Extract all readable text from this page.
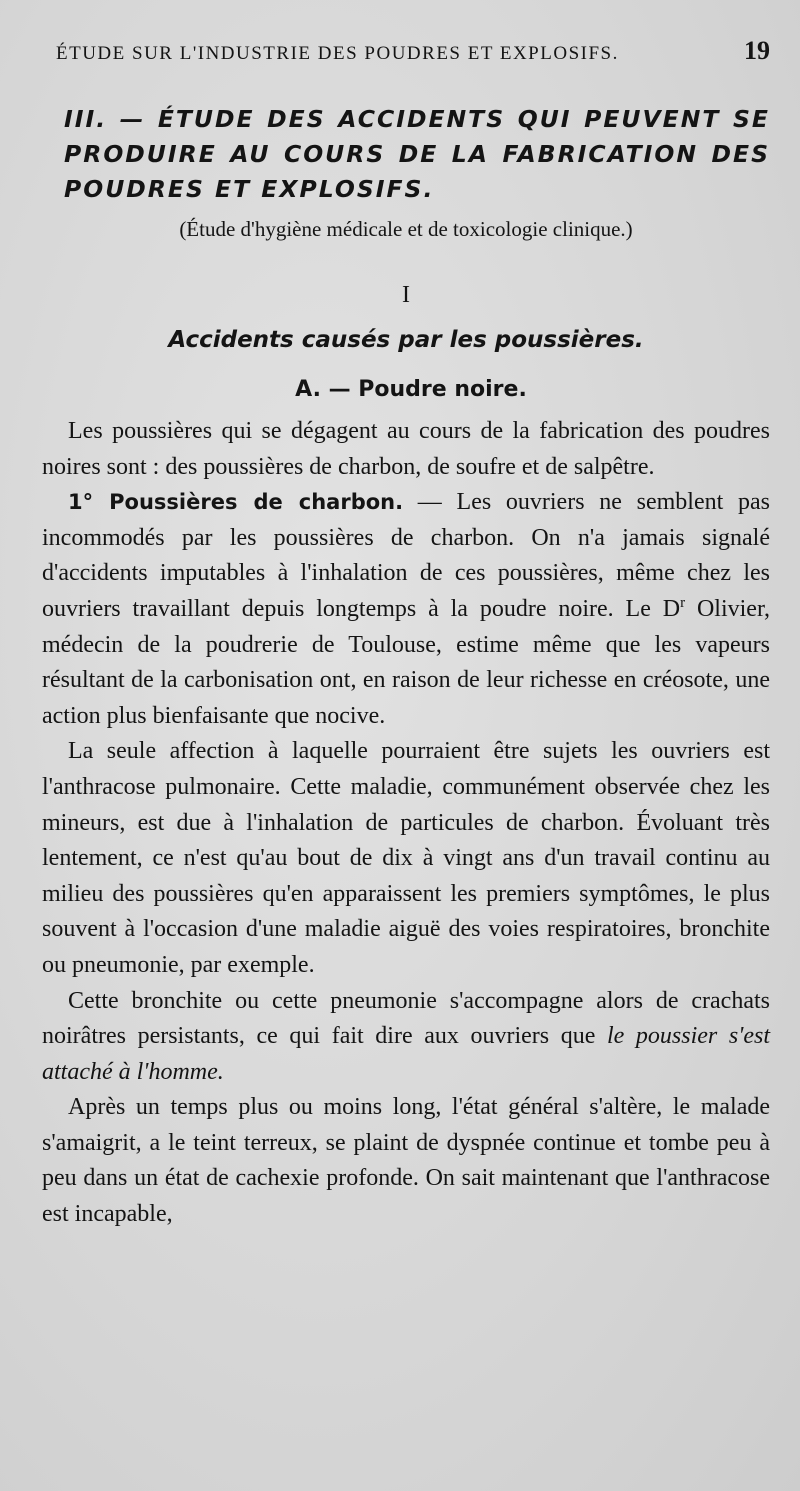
ÉTUDE SUR L'INDUSTRIE DES POUDRES ET EXPLOSIFS.	19
III. — ÉTUDE DES ACCIDENTS QUI PEUVENT SE PRODUIRE AU COURS DE LA FABRICATION DES POUDRES ET EXPLOSIFS.
(Étude d'hygiène médicale et de toxicologie clinique.)
I
Accidents causés par les poussières.
A. — Poudre noire.

Les poussières qui se dégagent au cours de la fabrication des poudres noires sont : des poussières de charbon, de soufre et de salpêtre.

1° Poussières de charbon. — Les ouvriers ne semblent pas incommodés par les poussières de charbon. On n'a jamais signalé d'accidents imputables à l'inhalation de ces poussières, même chez les ouvriers travaillant depuis longtemps à la poudre noire. Le $D^r$ Olivier, médecin de la poudrerie de Toulouse, estime même que les vapeurs résultant de la carbonisation ont, en raison de leur richesse en créosote, une action plus bienfaisante que nocive.

La seule affection à laquelle pourraient être sujets les ouvriers est l'anthracose pulmonaire. Cette maladie, communément observée chez les mineurs, est due à l'inhalation de particules de charbon. Évoluant très lentement, ce n'est qu'au bout de dix à vingt ans d'un travail continu au milieu des poussières qu'en apparaissent les premiers symptômes, le plus souvent à l'occasion d'une maladie aiguë des voies respiratoires, bronchite ou pneumonie, par exemple.

Cette bronchite ou cette pneumonie s'accompagne alors de crachats noirâtres persistants, ce qui fait dire aux ouvriers que le poussier s'est attaché à l'homme.

Après un temps plus ou moins long, l'état général s'altère, le malade s'amaigrit, a le teint terreux, se plaint de dyspnée continue et tombe peu à peu dans un état de cachexie profonde. On sait maintenant que l'anthracose est incapable,
